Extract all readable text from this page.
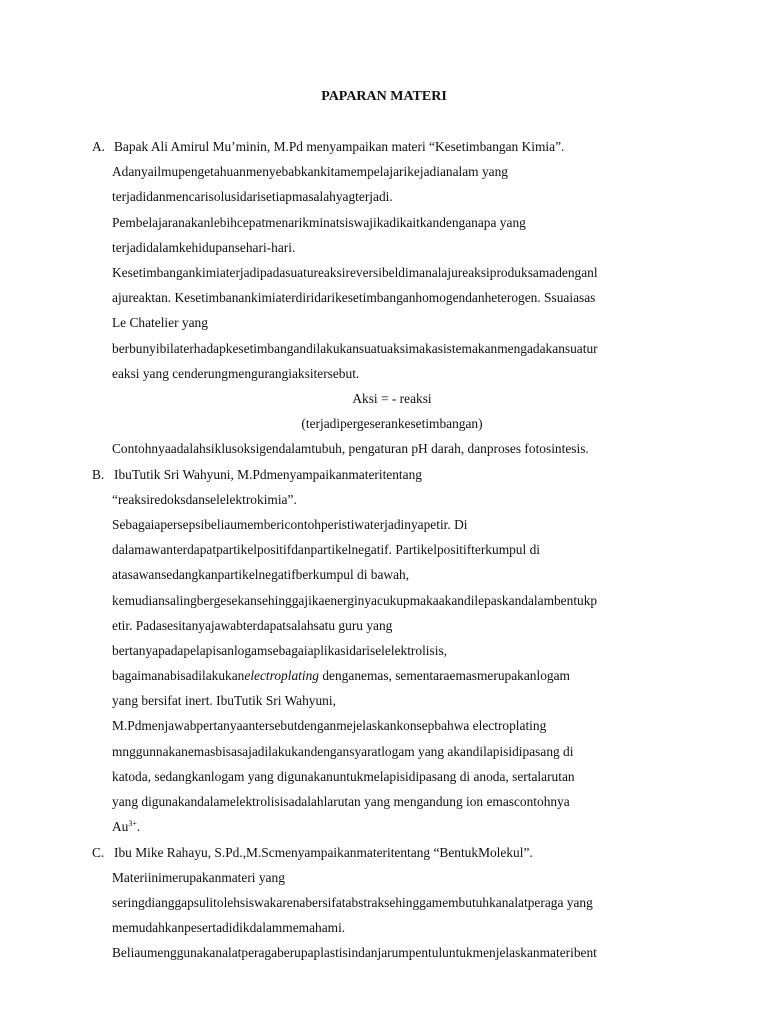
PAPARAN MATERI
A. Bapak Ali Amirul Mu’minin, M.Pd menyampaikan materi “Kesetimbangan Kimia”.
Adanyailmupengetahuanmenyebabkankitamempelajarikejadianalam yang
terjadidanmencarisolusidarisetiapmasalahyagterjadi.
Pembelajaranakanlebihcepatmenarikminatsiswajikadikaitkandenganapa yang
terjadidalamkehidupansehari-hari.
Kesetimbangankimiaterjadipadasuatureaksireversibeldimanalajureaksiproduksamadenganl
ajureaktan. Kesetimbanankimiaterdiridarikesetimbanganhomogendanheterogen. Ssuaiasas
Le Chatelier yang
berbunyibilaterhadapkesetimbangandilakukansuatuaksimakasistemakanmengadakansuatur
eaksi yang cenderungmengurangiaksitersebut.
Aksi = - reaksi
(terjadipergeserankesetimbangan)
Contohnyaadalahsiklusoksigendalamtubuh, pengaturan pH darah, danproses fotosintesis.
B. IbuTutik Sri Wahyuni, M.Pdmenyampaikanmateritentang
“reaksiredoksdanselelektrokimia”.
Sebagaiapersepsibeliaumembericontohperistiwaterjadinyapetir. Di
dalamawanterdapatpartikelpositifdanpartikelnegatif. Partikelpositifterkumpul di
atasawansedangkanpartikelnegatifberkumpul di bawah,
kemudiansalingbergesekansehinggajikaenerginyacukupmakaakandilepaskandalambentukp
etir. Padasesitanyajawabterdapatsalahsatu guru yang
bertanyapadapelapisanlogamsebagaiaplikasidariselelektrolisis,
bagaimanabisadilakukanelectroplating denganemas, sementaraemasmerupakanlogam
yang bersifat inert. IbuTutik Sri Wahyuni,
M.Pdmenjawabpertanyaantersebutdenganmejelaskankonsepbahwa electroplating
mnggunnakanemasbisasajadilakukandengansyaratlogam yang akandilapisidipasang di
katoda, sedangkanlogam yang digunakanuntukmelapisidipasang di anoda, sertalarutan
yang digunakandalamelektrolisisadalahlarutan yang mengandung ion emascontohnya
$Au^{3+}$.
C. Ibu Mike Rahayu, S.Pd.,M.Scmenyampaikanmateritentang “BentukMolekul”.
Materiinimerupakanmateri yang
seringdianggapsulitolehsiswakarenabersifatabstraksehinggamembutuhkanalatperaga yang
memudahkanpesertadidikdalammemahami.
Beliaumenggunakanalatperagaberupaplastisindanjarumpentuluntukmenjelaskanmateribent
